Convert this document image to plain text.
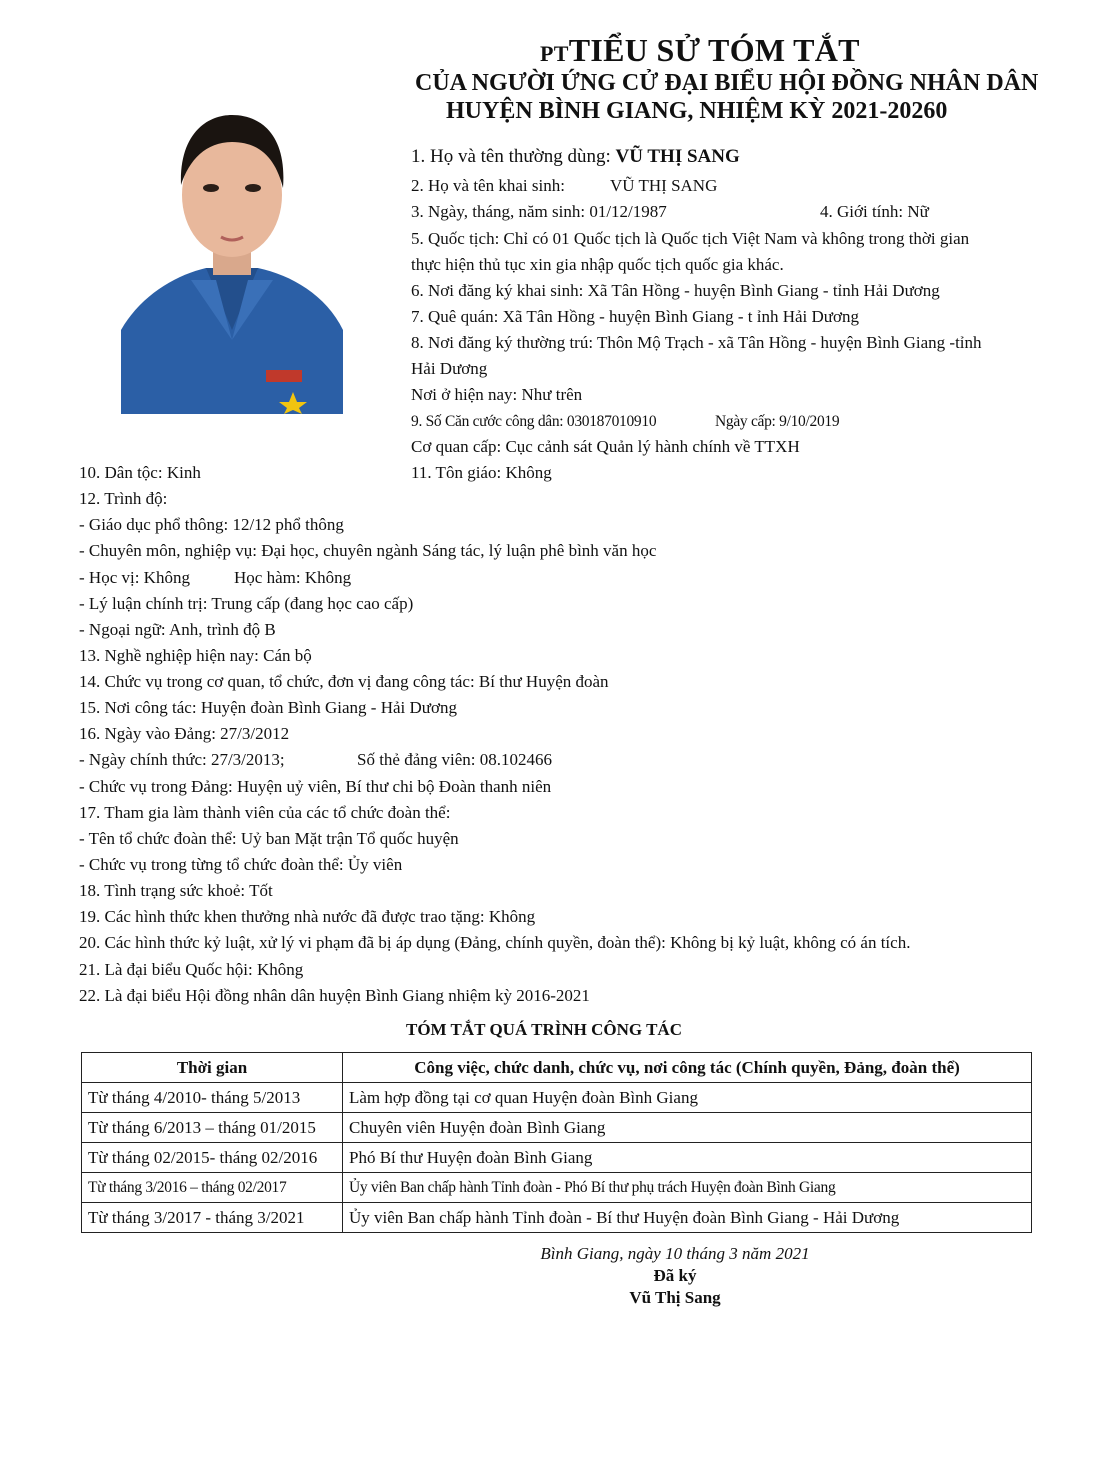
PTTIỂU SỬ TÓM TẮT
CỦA NGƯỜI ỨNG CỬ ĐẠI BIỂU HỘI ĐỒNG NHÂN DÂN
HUYỆN BÌNH GIANG, NHIỆM KỲ 2021-20260
1. Họ và tên thường dùng: VŨ THỊ SANG
2. Họ và tên khai sinh:	VŨ THỊ SANG
3. Ngày, tháng, năm sinh: 01/12/1987	4. Giới tính: Nữ
5. Quốc tịch: Chỉ có 01 Quốc tịch là Quốc tịch Việt Nam và không trong thời gian
thực hiện thủ tục xin gia nhập quốc tịch quốc gia khác.
6. Nơi đăng ký khai sinh: Xã Tân Hồng - huyện Bình Giang - tỉnh Hải Dương
7. Quê quán: Xã Tân Hồng - huyện Bình Giang - t ỉnh Hải Dương
8. Nơi đăng ký thường trú: Thôn Mộ Trạch - xã Tân Hồng - huyện Bình Giang -tỉnh
Hải Dương
Nơi ở hiện nay: Như trên
9. Số Căn cước công dân: 030187010910	Ngày cấp: 9/10/2019
Cơ quan cấp: Cục cảnh sát Quản lý hành chính về TTXH
10. Dân tộc: Kinh	11. Tôn giáo: Không
12. Trình độ:
- Giáo dục phổ thông: 12/12 phổ thông
- Chuyên môn, nghiệp vụ: Đại học, chuyên ngành Sáng tác, lý luận phê bình văn học
- Học vị: Không	Học hàm: Không
- Lý luận chính trị: Trung cấp (đang học cao cấp)
- Ngoại ngữ: Anh, trình độ B
13. Nghề nghiệp hiện nay: Cán bộ
14. Chức vụ trong cơ quan, tổ chức, đơn vị đang công tác: Bí thư Huyện đoàn
15. Nơi công tác: Huyện đoàn Bình Giang - Hải Dương
16. Ngày vào Đảng: 27/3/2012
- Ngày chính thức: 27/3/2013;	Số thẻ đảng viên: 08.102466
- Chức vụ trong Đảng: Huyện uỷ viên, Bí thư chi bộ Đoàn thanh niên
17. Tham gia làm thành viên của các tổ chức đoàn thể:
- Tên tổ chức đoàn thể: Uỷ ban Mặt trận Tổ quốc huyện
- Chức vụ trong từng tổ chức đoàn thể: Ủy viên
18. Tình trạng sức khoẻ: Tốt
19. Các hình thức khen thưởng nhà nước đã được trao tặng: Không
20. Các hình thức kỷ luật, xử lý vi phạm đã bị áp dụng (Đảng, chính quyền, đoàn thể): Không bị kỷ luật, không có án tích.
21. Là đại biểu Quốc hội: Không
22. Là đại biểu Hội đồng nhân dân huyện Bình Giang nhiệm kỳ 2016-2021
TÓM TẮT QUÁ TRÌNH CÔNG TÁC
Thời gian	Công việc, chức danh, chức vụ, nơi công tác (Chính quyền, Đảng, đoàn thể)
Từ tháng 4/2010- tháng 5/2013	Làm hợp đồng tại cơ quan Huyện đoàn Bình Giang
Từ tháng 6/2013 – tháng 01/2015	Chuyên viên Huyện đoàn Bình Giang
Từ tháng 02/2015- tháng 02/2016	Phó Bí thư Huyện đoàn Bình Giang
Từ tháng 3/2016 – tháng 02/2017	Ủy viên Ban chấp hành Tỉnh đoàn - Phó Bí thư phụ trách Huyện đoàn Bình Giang
Từ tháng 3/2017 - tháng 3/2021	Ủy viên Ban chấp hành Tỉnh đoàn - Bí thư Huyện đoàn Bình Giang - Hải Dương
Bình Giang, ngày 10 tháng 3 năm 2021
Đã ký
Vũ Thị Sang
